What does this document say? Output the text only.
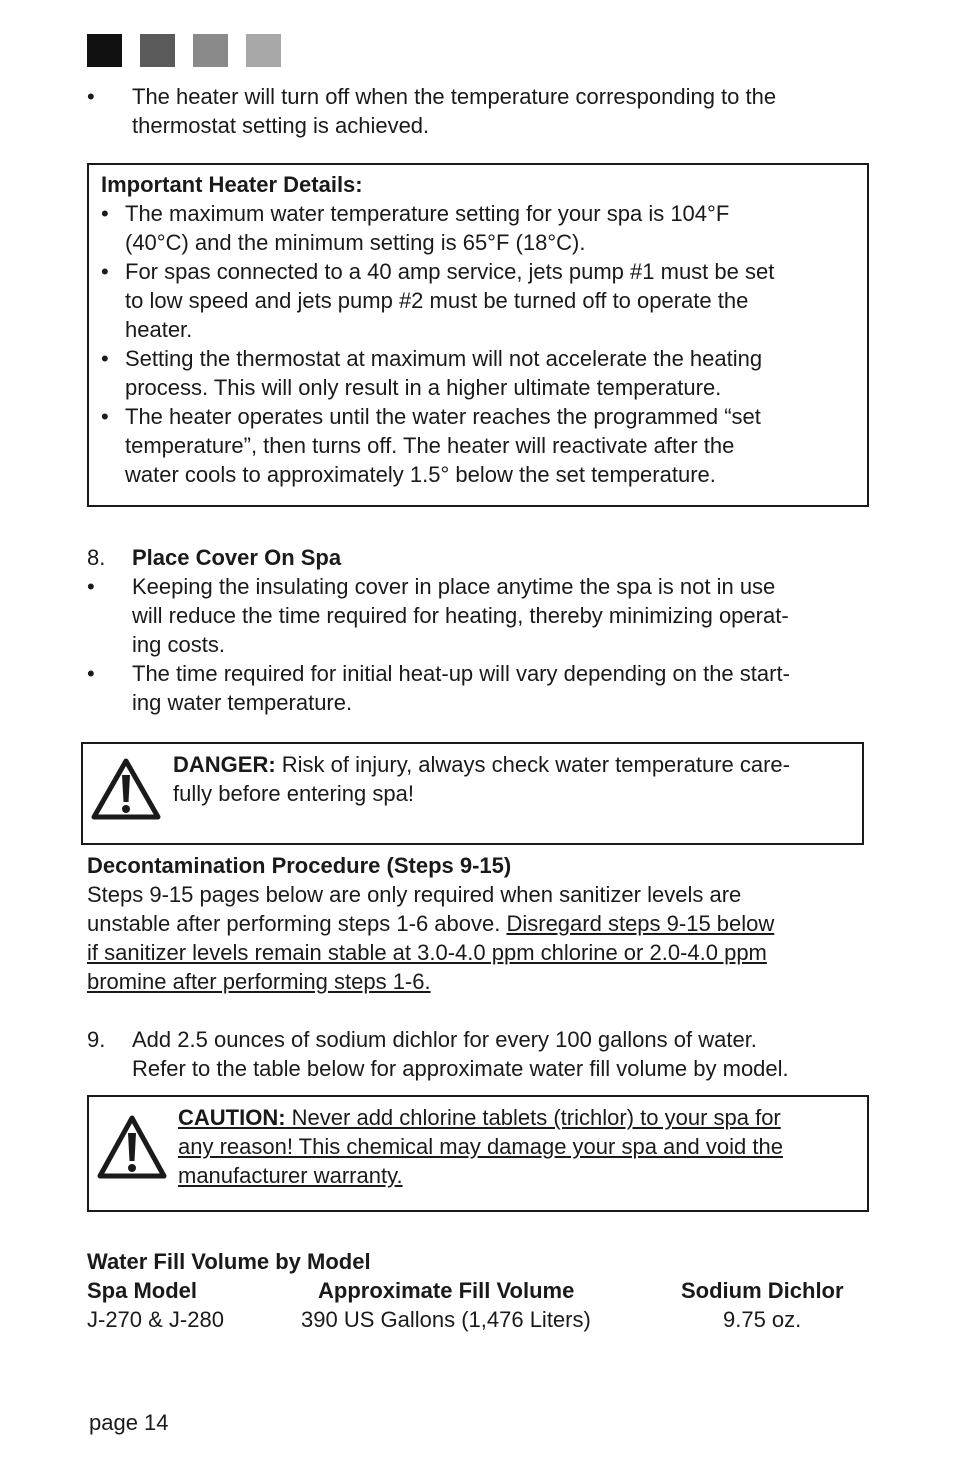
• The heater will turn off when the temperature corresponding to the
thermostat setting is achieved.
Important Heater Details:
• The maximum water temperature setting for your spa is 104°F
(40°C) and the minimum setting is 65°F (18°C).
• For spas connected to a 40 amp service, jets pump #1 must be set
to low speed and jets pump #2 must be turned off to operate the
heater.
• Setting the thermostat at maximum will not accelerate the heating
process. This will only result in a higher ultimate temperature.
• The heater operates until the water reaches the programmed “set
temperature”, then turns off. The heater will reactivate after the
water cools to approximately 1.5° below the set temperature.
8. Place Cover On Spa
• Keeping the insulating cover in place anytime the spa is not in use
will reduce the time required for heating, thereby minimizing operat-
ing costs.
• The time required for initial heat-up will vary depending on the start-
ing water temperature.
DANGER: Risk of injury, always check water temperature care-
fully before entering spa!
Decontamination Procedure (Steps 9-15)
Steps 9-15 pages below are only required when sanitizer levels are
unstable after performing steps 1-6 above. Disregard steps 9-15 below
if sanitizer levels remain stable at 3.0-4.0 ppm chlorine or 2.0-4.0 ppm
bromine after performing steps 1-6.
9. Add 2.5 ounces of sodium dichlor for every 100 gallons of water.
Refer to the table below for approximate water fill volume by model.
CAUTION: Never add chlorine tablets (trichlor) to your spa for
any reason! This chemical may damage your spa and void the
manufacturer warranty.
Water Fill Volume by Model
Spa Model	Approximate Fill Volume	Sodium Dichlor
J-270 & J-280	390 US Gallons (1,476 Liters)	9.75 oz.
page 14
